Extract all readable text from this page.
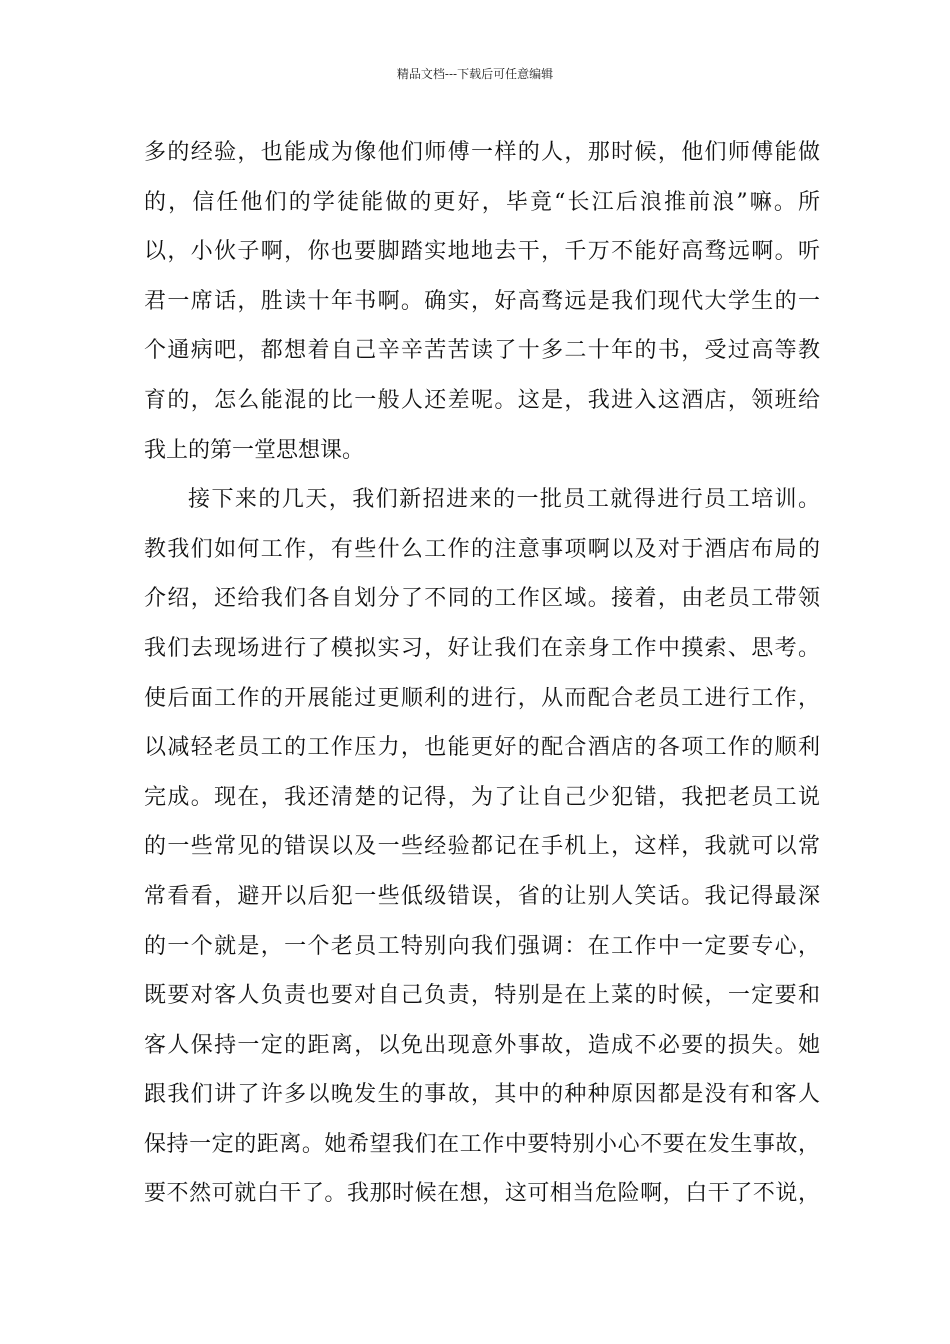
精品文档---下载后可任意编辑
多的经验，也能成为像他们师傅一样的人，那时候，他们师傅能做
的，信任他们的学徒能做的更好，毕竟“长江后浪推前浪”嘛。所
以，小伙子啊，你也要脚踏实地地去干，千万不能好高骛远啊。听
君一席话，胜读十年书啊。确实，好高骛远是我们现代大学生的一
个通病吧，都想着自己辛辛苦苦读了十多二十年的书，受过高等教
育的，怎么能混的比一般人还差呢。这是，我进入这酒店，领班给
我上的第一堂思想课。
接下来的几天，我们新招进来的一批员工就得进行员工培训。
教我们如何工作，有些什么工作的注意事项啊以及对于酒店布局的
介绍，还给我们各自划分了不同的工作区域。接着，由老员工带领
我们去现场进行了模拟实习，好让我们在亲身工作中摸索、思考。
使后面工作的开展能过更顺利的进行，从而配合老员工进行工作，
以减轻老员工的工作压力，也能更好的配合酒店的各项工作的顺利
完成。现在，我还清楚的记得，为了让自己少犯错，我把老员工说
的一些常见的错误以及一些经验都记在手机上，这样，我就可以常
常看看，避开以后犯一些低级错误，省的让别人笑话。我记得最深
的一个就是，一个老员工特别向我们强调：在工作中一定要专心，
既要对客人负责也要对自己负责，特别是在上菜的时候，一定要和
客人保持一定的距离，以免出现意外事故，造成不必要的损失。她
跟我们讲了许多以晚发生的事故，其中的种种原因都是没有和客人
保持一定的距离。她希望我们在工作中要特别小心不要在发生事故，
要不然可就白干了。我那时候在想，这可相当危险啊，白干了不说，
